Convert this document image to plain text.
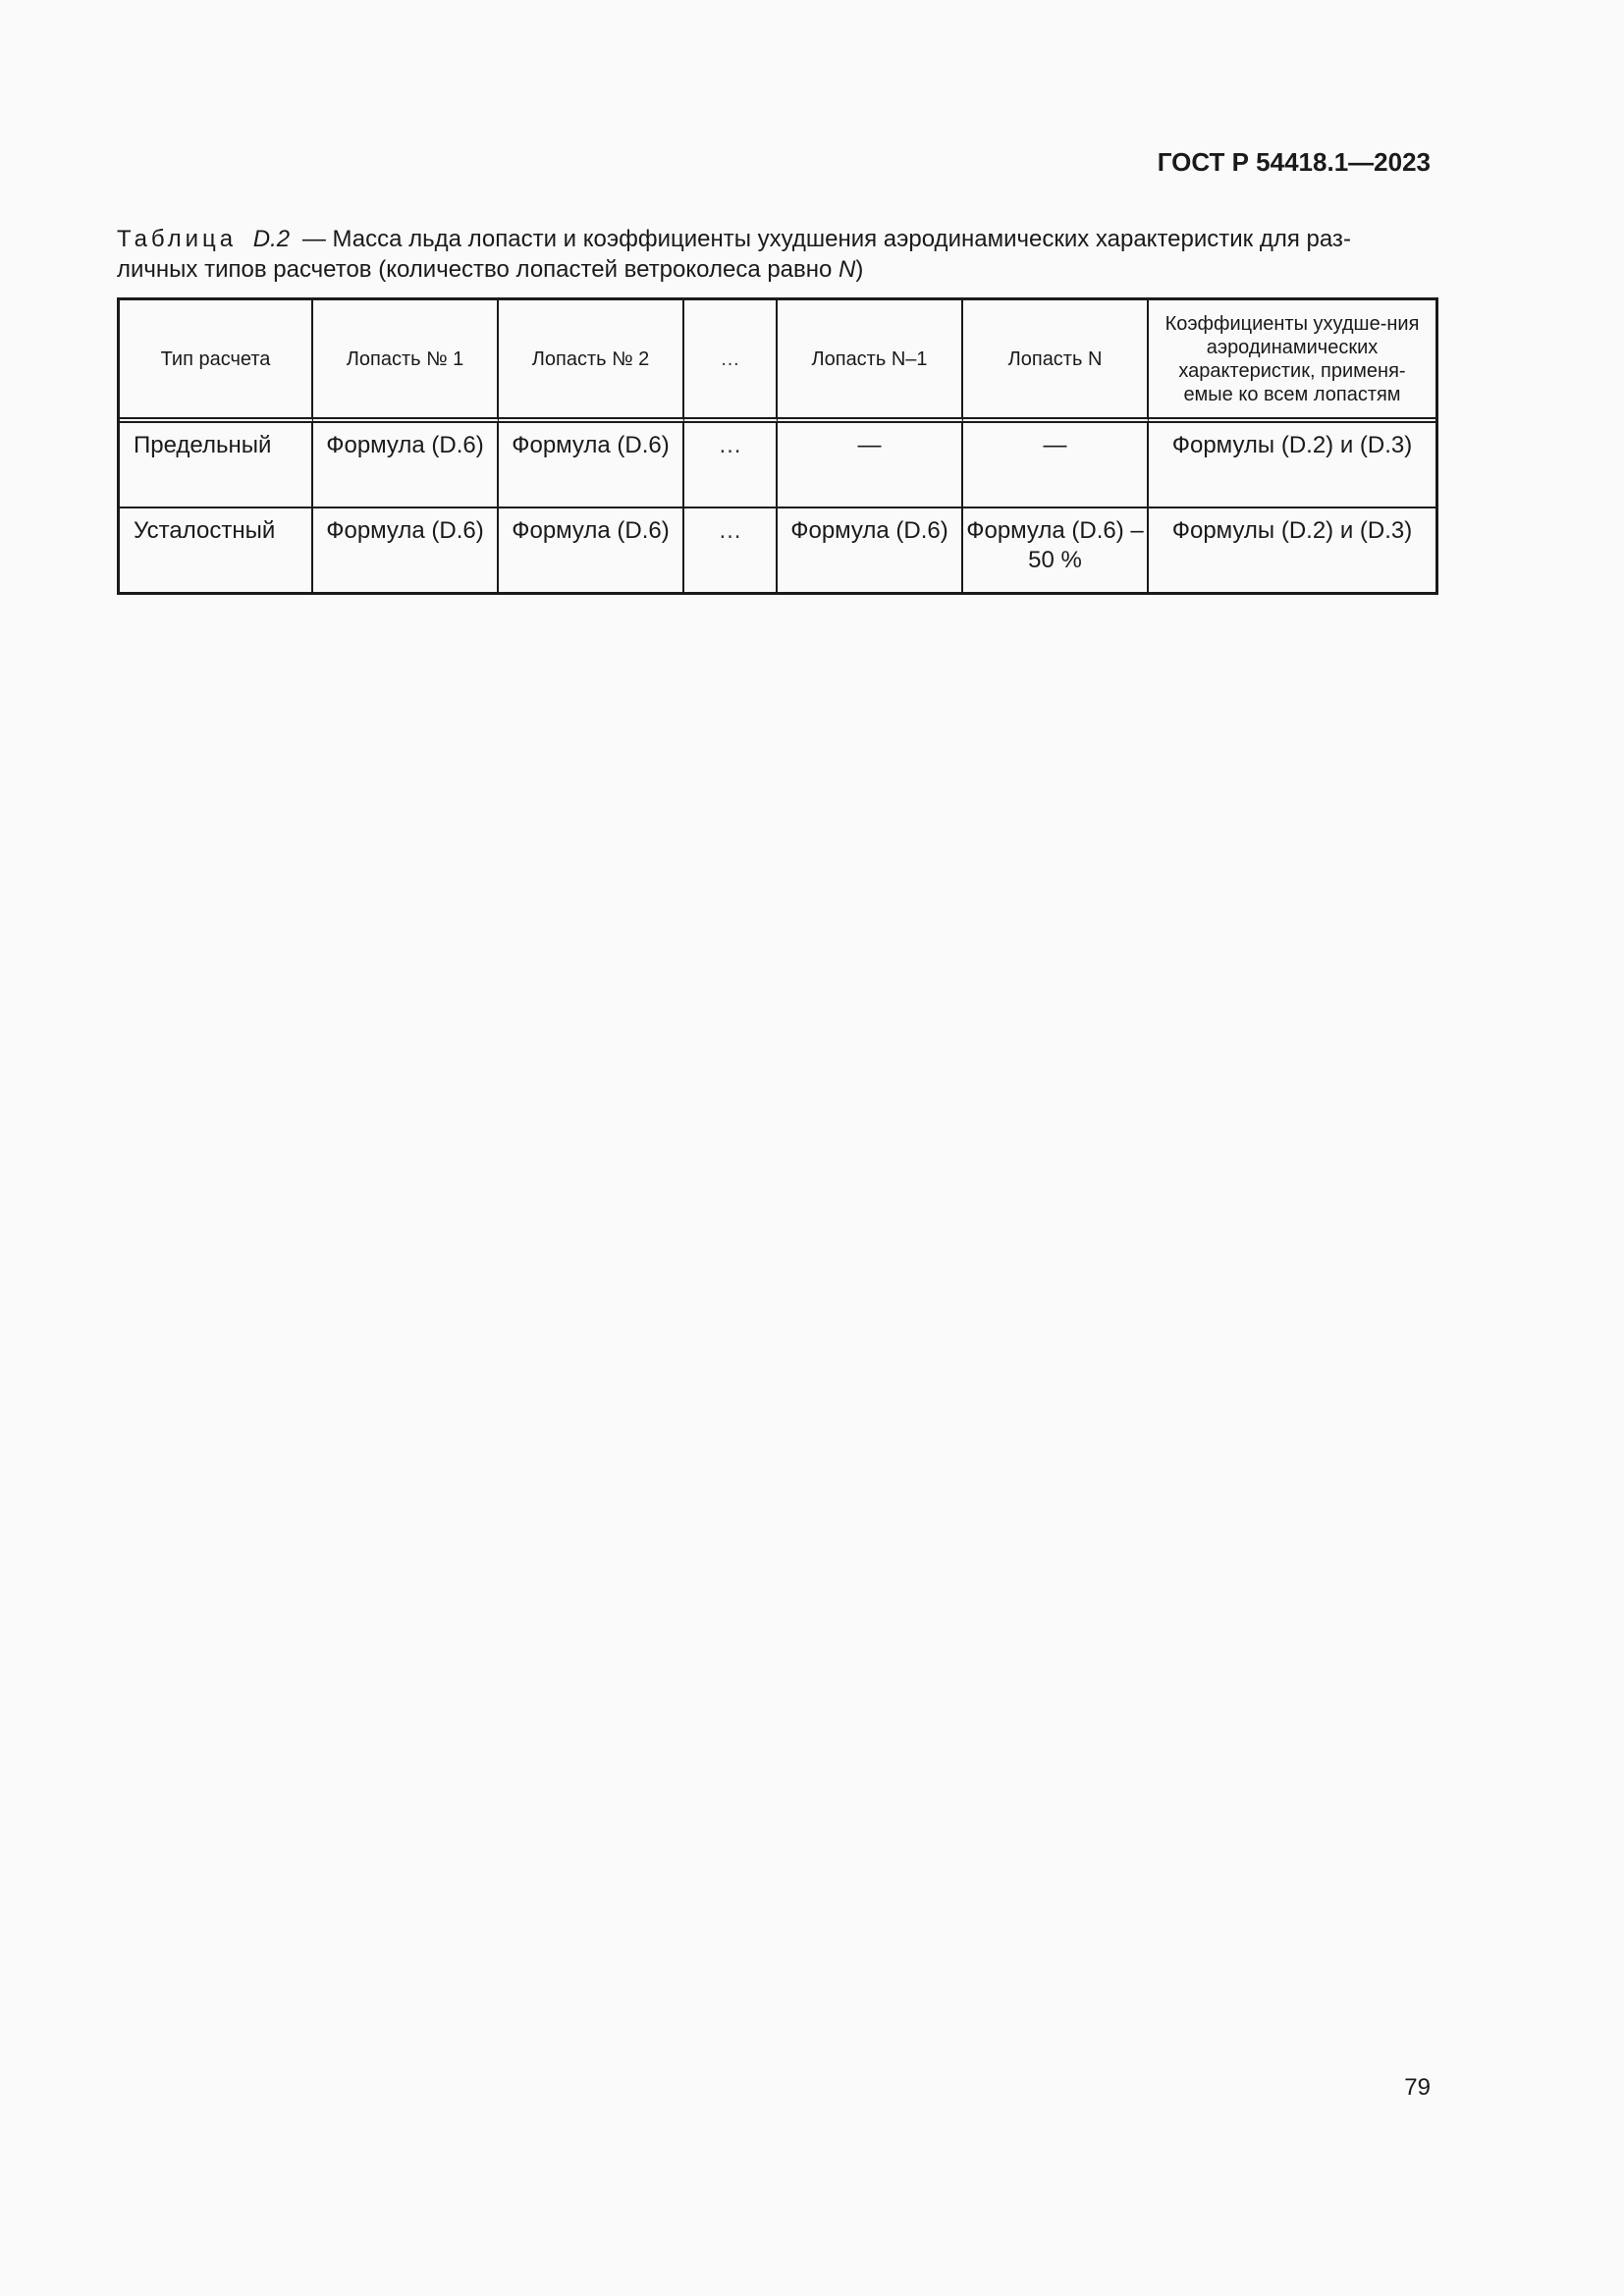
ГОСТ Р 54418.1—2023
Таблица D.2 — Масса льда лопасти и коэффициенты ухудшения аэродинамических характеристик для раз-
личных типов расчетов (количество лопастей ветроколеса равно N)
Тип расчета	Лопасть № 1	Лопасть № 2	…	Лопасть N–1	Лопасть N	Коэффициенты ухудше-ния аэродинамических характеристик, применя-емые ко всем лопастям
Предельный	Формула (D.6)	Формула (D.6)	…	—	—	Формулы (D.2) и (D.3)
Усталостный	Формула (D.6)	Формула (D.6)	…	Формула (D.6)	Формула (D.6) – 50 %	Формулы (D.2) и (D.3)
79
